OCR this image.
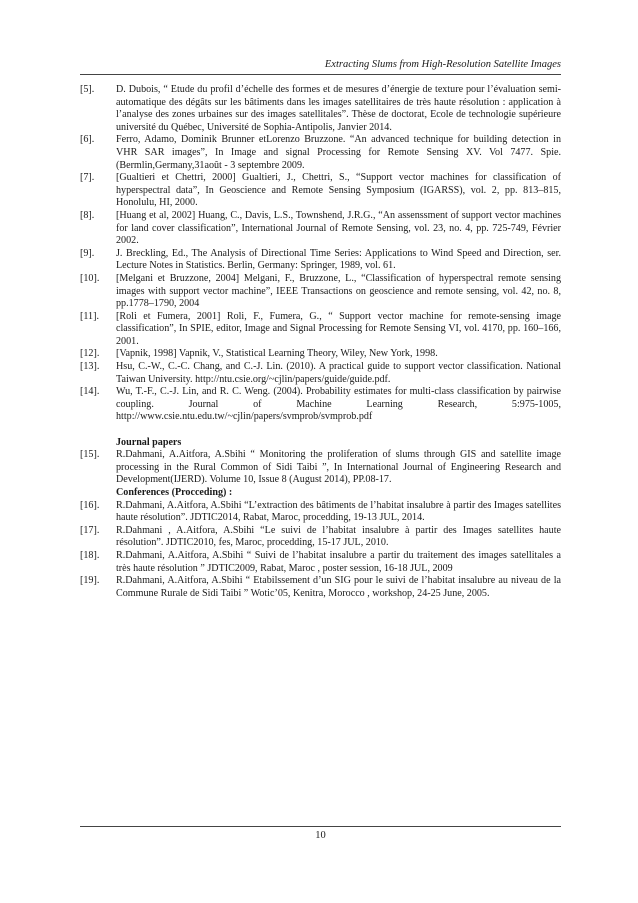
Extracting Slums from High-Resolution Satellite Images
[5].	D. Dubois, “ Etude du profil d’échelle des formes et de mesures d’énergie de texture pour l’évaluation semi-automatique des dégâts sur les bâtiments dans les images satellitaires de très haute résolution : application à l’analyse des zones urbaines sur des images satellitales”. Thèse de doctorat, Ecole de technologie supérieure université du Québec, Université de Sophia-Antipolis, Janvier 2014.
[6].	Ferro, Adamo, Dominik Brunner etLorenzo Bruzzone. “An advanced technique for building detection in VHR SAR images”, In Image and signal Processing for Remote Sensing XV. Vol 7477. Spie.(Bermlin,Germany,31août - 3 septembre 2009.
[7].	[Gualtieri et Chettri, 2000] Gualtieri, J., Chettri, S., “Support vector machines for classification of hyperspectral data”, In Geoscience and Remote Sensing Symposium (IGARSS), vol. 2, pp. 813–815, Honolulu, HI, 2000.
[8].	[Huang et al, 2002] Huang, C., Davis, L.S., Townshend, J.R.G., “An assenssment of support vector machines for land cover classification”, International Journal of Remote Sensing, vol. 23, no. 4, pp. 725-749, Février 2002.
[9].	J. Breckling, Ed., The Analysis of Directional Time Series: Applications to Wind Speed and Direction, ser. Lecture Notes in Statistics. Berlin, Germany: Springer, 1989, vol. 61.
[10].	[Melgani et Bruzzone, 2004] Melgani, F., Bruzzone, L., “Classification of hyperspectral remote sensing images with support vector machine”, IEEE Transactions on geoscience and remote sensing, vol. 42, no. 8, pp.1778–1790, 2004
[11].	[Roli et Fumera, 2001] Roli, F., Fumera, G., “ Support vector machine for remote-sensing image classification”, In SPIE, editor, Image and Signal Processing for Remote Sensing VI, vol. 4170, pp. 160–166, 2001.
[12].	[Vapnik, 1998] Vapnik, V., Statistical Learning Theory, Wiley, New York, 1998.
[13].	Hsu, C.-W., C.-C. Chang, and C.-J. Lin. (2010). A practical guide to support vector classification. National Taiwan University. http://ntu.csie.org/~cjlin/papers/guide/guide.pdf.
[14].	Wu, T.-F., C.-J. Lin, and R. C. Weng. (2004). Probability estimates for multi-class classification by pairwise coupling. Journal of Machine Learning Research, 5:975-1005, http://www.csie.ntu.edu.tw/~cjlin/papers/svmprob/svmprob.pdf
Journal papers
[15].	R.Dahmani, A.Aitfora, A.Sbihi “ Monitoring the proliferation of slums through GIS and satellite image processing in the Rural Common of Sidi Taibi ”, In International Journal of Engineering Research and Development(IJERD). Volume 10, Issue 8 (August 2014), PP.08-17.
Conferences (Procceding) :
[16].	R.Dahmani, A.Aitfora, A.Sbihi “L’extraction des bâtiments de l’habitat insalubre à partir des Images satellites haute résolution”. JDTIC2014, Rabat, Maroc, procedding, 19-13 JUL, 2014.
[17].	R.Dahmani , A.Aitfora, A.Sbihi “Le suivi de l’habitat insalubre à partir des Images satellites haute résolution”. JDTIC2010, fes, Maroc, procedding, 15-17 JUL, 2010.
[18].	R.Dahmani, A.Aitfora, A.Sbihi “ Suivi de l’habitat insalubre a partir du traitement des images satellitales a très haute résolution ” JDTIC2009, Rabat, Maroc , poster session, 16-18 JUL, 2009
[19].	R.Dahmani, A.Aitfora, A.Sbihi “ Etabilssement d’un SIG pour le suivi de l’habitat insalubre au niveau de la Commune Rurale de Sidi Taibi ” Wotic’05, Kenitra, Morocco , workshop, 24-25 June, 2005.
10
